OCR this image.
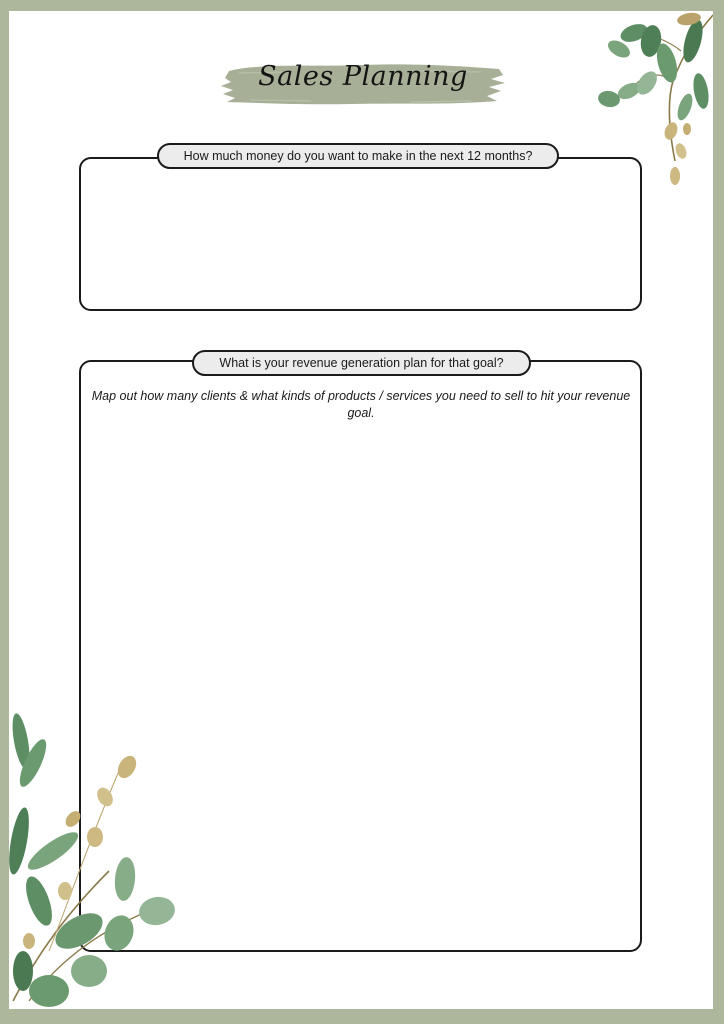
Sales Planning
How much money do you want to make in the next 12 months?
What is your revenue generation plan for that goal?
Map out how many clients & what kinds of products / services you need to sell to hit your revenue goal.
